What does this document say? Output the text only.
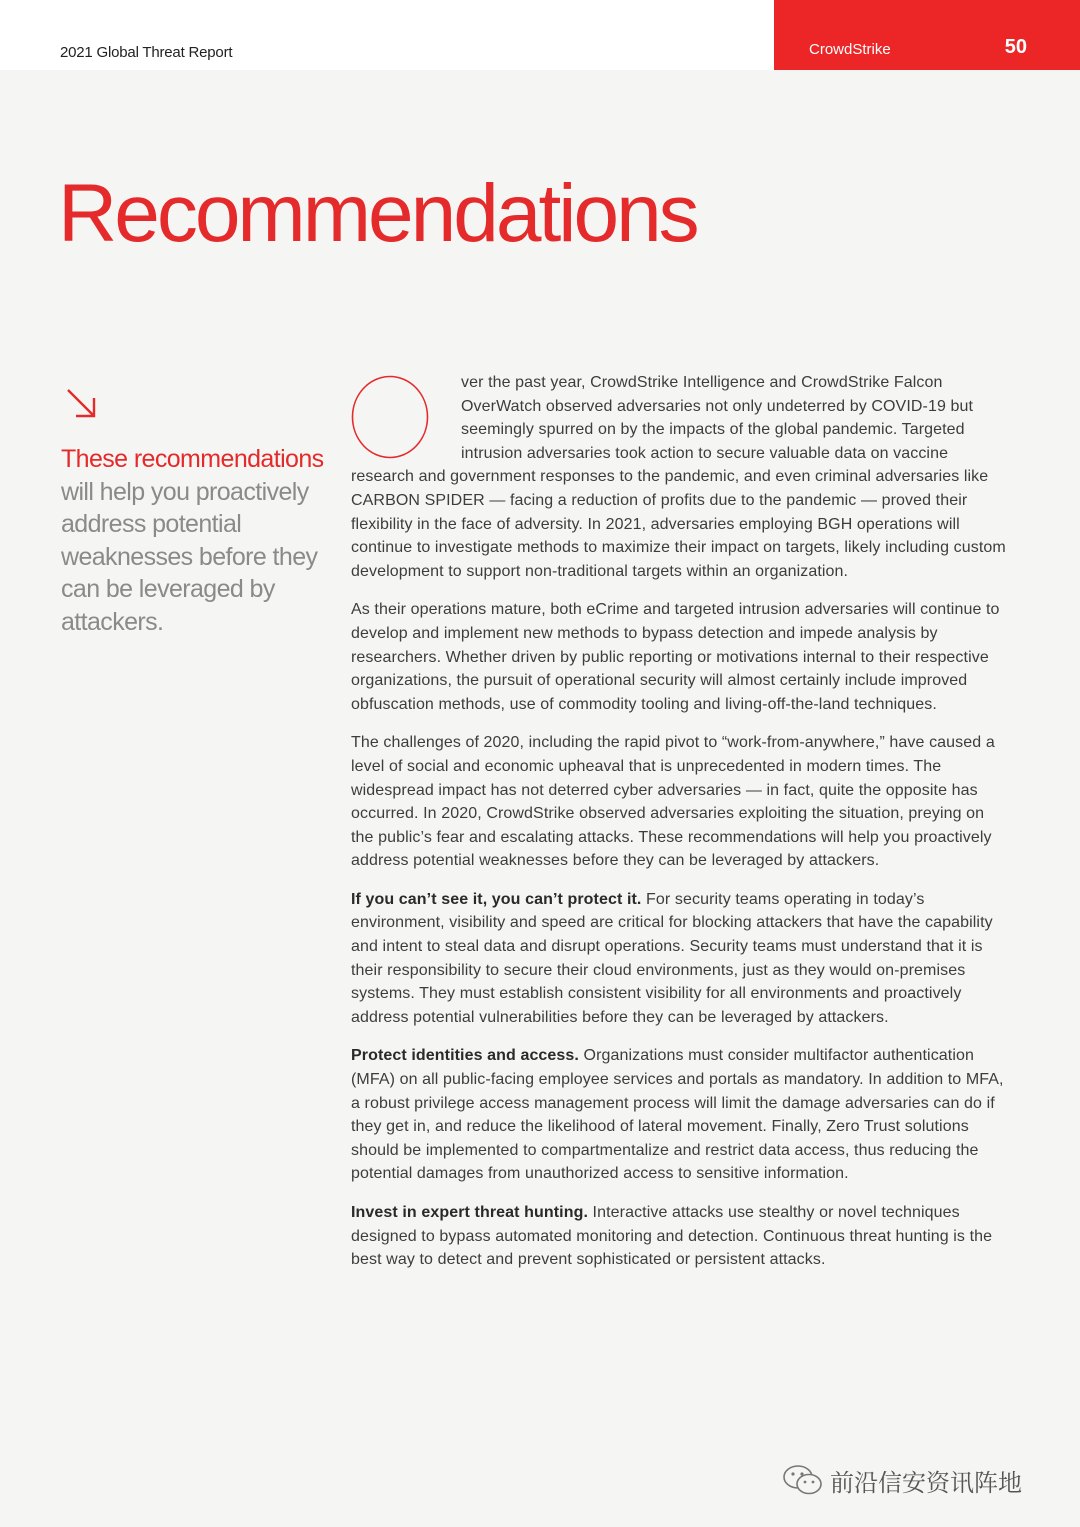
2021 Global Threat Report	CrowdStrike	50
Recommendations
These recommendations will help you proactively address potential weaknesses before they can be leveraged by attackers.
O

ver the past year, CrowdStrike Intelligence and CrowdStrike Falcon OverWatch observed adversaries not only undeterred by COVID-19 but seemingly spurred on by the impacts of the global pandemic. Targeted intrusion adversaries took action to secure valuable data on vaccine research and government responses to the pandemic, and even criminal adversaries like CARBON SPIDER — facing a reduction of profits due to the pandemic — proved their flexibility in the face of adversity. In 2021, adversaries employing BGH operations will continue to investigate methods to maximize their impact on targets, likely including custom development to support non-traditional targets within an organization.

As their operations mature, both eCrime and targeted intrusion adversaries will continue to develop and implement new methods to bypass detection and impede analysis by researchers. Whether driven by public reporting or motivations internal to their respective organizations, the pursuit of operational security will almost certainly include improved obfuscation methods, use of commodity tooling and living-off-the-land techniques.

The challenges of 2020, including the rapid pivot to “work-from-anywhere,” have caused a level of social and economic upheaval that is unprecedented in modern times. The widespread impact has not deterred cyber adversaries — in fact, quite the opposite has occurred. In 2020, CrowdStrike observed adversaries exploiting the situation, preying on the public’s fear and escalating attacks. These recommendations will help you proactively address potential weaknesses before they can be leveraged by attackers.

If you can’t see it, you can’t protect it. For security teams operating in today’s environment, visibility and speed are critical for blocking attackers that have the capability and intent to steal data and disrupt operations. Security teams must understand that it is their responsibility to secure their cloud environments, just as they would on-premises systems. They must establish consistent visibility for all environments and proactively address potential vulnerabilities before they can be leveraged by attackers.

Protect identities and access. Organizations must consider multifactor authentication (MFA) on all public-facing employee services and portals as mandatory. In addition to MFA, a robust privilege access management process will limit the damage adversaries can do if they get in, and reduce the likelihood of lateral movement. Finally, Zero Trust solutions should be implemented to compartmentalize and restrict data access, thus reducing the potential damages from unauthorized access to sensitive information.

Invest in expert threat hunting. Interactive attacks use stealthy or novel techniques designed to bypass automated monitoring and detection. Continuous threat hunting is the best way to detect and prevent sophisticated or persistent attacks.

前沿信安资讯阵地
